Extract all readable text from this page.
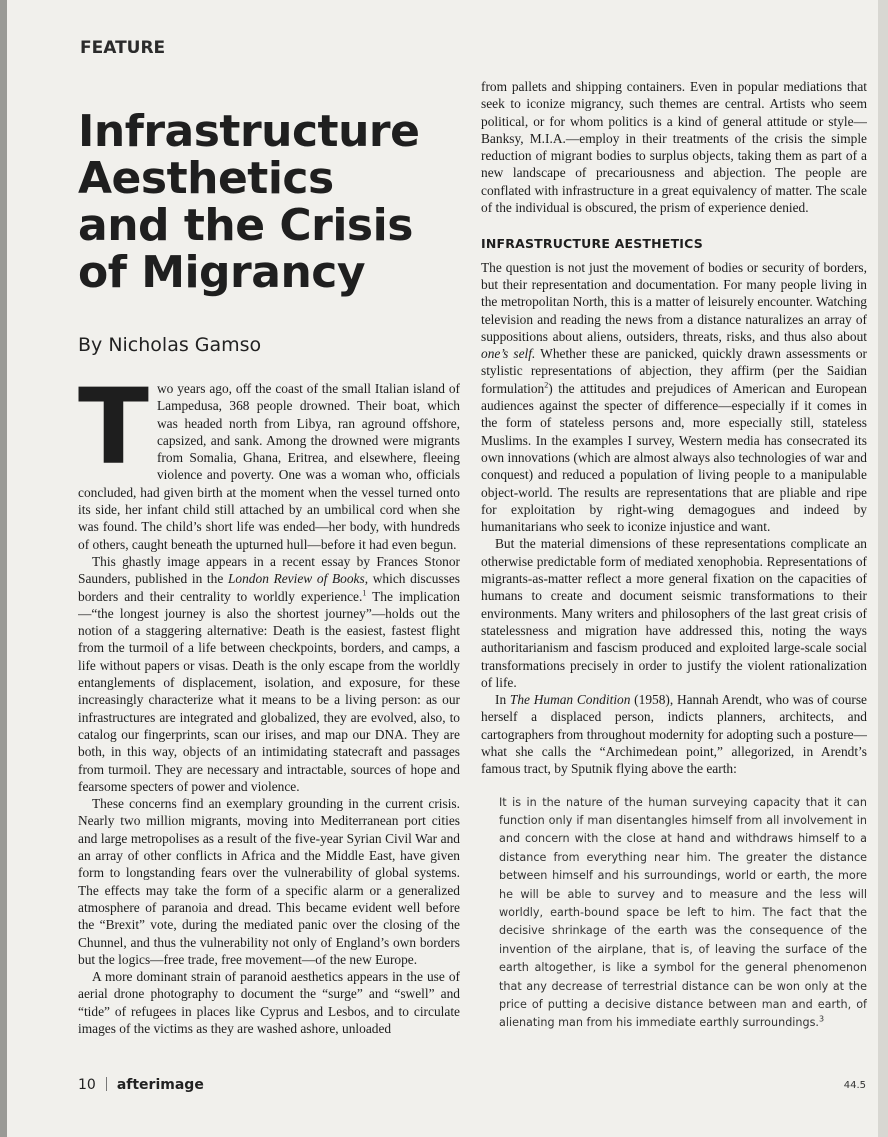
FEATURE
Infrastructure Aesthetics and the Crisis of Migrancy
By Nicholas Gamso

Two years ago, off the coast of the small Italian island of Lampedusa, 368 people drowned. Their boat, which was headed north from Libya, ran aground offshore, capsized, and sank. Among the drowned were migrants from Somalia, Ghana, Eritrea, and elsewhere, fleeing violence and poverty. One was a woman who, officials concluded, had given birth at the moment when the vessel turned onto its side, her infant child still attached by an umbilical cord when she was found. The child’s short life was ended—her body, with hundreds of others, caught beneath the upturned hull—before it had even begun.

This ghastly image appears in a recent essay by Frances Stonor Saunders, published in the London Review of Books, which discusses borders and their centrality to worldly experience.$^1$ The implication—“the longest journey is also the shortest journey”—holds out the notion of a staggering alternative: Death is the easiest, fastest flight from the turmoil of a life between checkpoints, borders, and camps, a life without papers or visas. Death is the only escape from the worldly entanglements of displacement, isolation, and exposure, for these increasingly characterize what it means to be a living person: as our infrastructures are integrated and globalized, they are evolved, also, to catalog our fingerprints, scan our irises, and map our DNA. They are both, in this way, objects of an intimidating statecraft and passages from turmoil. They are necessary and intractable, sources of hope and fearsome specters of power and violence.

These concerns find an exemplary grounding in the current crisis. Nearly two million migrants, moving into Mediterranean port cities and large metropolises as a result of the five-year Syrian Civil War and an array of other conflicts in Africa and the Middle East, have given form to longstanding fears over the vulnerability of global systems. The effects may take the form of a specific alarm or a generalized atmosphere of paranoia and dread. This became evident well before the “Brexit” vote, during the mediated panic over the closing of the Chunnel, and thus the vulnerability not only of England’s own borders but the logics—free trade, free movement—of the new Europe.

A more dominant strain of paranoid aesthetics appears in the use of aerial drone photography to document the “surge” and “swell” and “tide” of refugees in places like Cyprus and Lesbos, and to circulate images of the victims as they are washed ashore, unloaded

from pallets and shipping containers. Even in popular mediations that seek to iconize migrancy, such themes are central. Artists who seem political, or for whom politics is a kind of general attitude or style—Banksy, M.I.A.—employ in their treatments of the crisis the simple reduction of migrant bodies to surplus objects, taking them as part of a new landscape of precariousness and abjection. The people are conflated with infrastructure in a great equivalency of matter. The scale of the individual is obscured, the prism of experience denied.

INFRASTRUCTURE AESTHETICS

The question is not just the movement of bodies or security of borders, but their representation and documentation. For many people living in the metropolitan North, this is a matter of leisurely encounter. Watching television and reading the news from a distance naturalizes an array of suppositions about aliens, outsiders, threats, risks, and thus also about one’s self. Whether these are panicked, quickly drawn assessments or stylistic representations of abjection, they affirm (per the Saidian formulation$^2$) the attitudes and prejudices of American and European audiences against the specter of difference—especially if it comes in the form of stateless persons and, more especially still, stateless Muslims. In the examples I survey, Western media has consecrated its own innovations (which are almost always also technologies of war and conquest) and reduced a population of living people to a manipulable object-world. The results are representations that are pliable and ripe for exploitation by right-wing demagogues and indeed by humanitarians who seek to iconize injustice and want.

But the material dimensions of these representations complicate an otherwise predictable form of mediated xenophobia. Representations of migrants-as-matter reflect a more general fixation on the capacities of humans to create and document seismic transformations to their environments. Many writers and philosophers of the last great crisis of statelessness and migration have addressed this, noting the ways authoritarianism and fascism produced and exploited large-scale social transformations precisely in order to justify the violent rationalization of life.

In The Human Condition (1958), Hannah Arendt, who was of course herself a displaced person, indicts planners, architects, and cartographers from throughout modernity for adopting such a posture—what she calls the “Archimedean point,” allegorized, in Arendt’s famous tract, by Sputnik flying above the earth:

It is in the nature of the human surveying capacity that it can function only if man disentangles himself from all involvement in and concern with the close at hand and withdraws himself to a distance from everything near him. The greater the distance between himself and his surroundings, world or earth, the more he will be able to survey and to measure and the less will worldly, earth-bound space be left to him. The fact that the decisive shrinkage of the earth was the consequence of the invention of the airplane, that is, of leaving the surface of the earth altogether, is like a symbol for the general phenomenon that any decrease of terrestrial distance can be won only at the price of putting a decisive distance between man and earth, of alienating man from his immediate earthly surroundings.$^3$
10 afterimage	44.5
